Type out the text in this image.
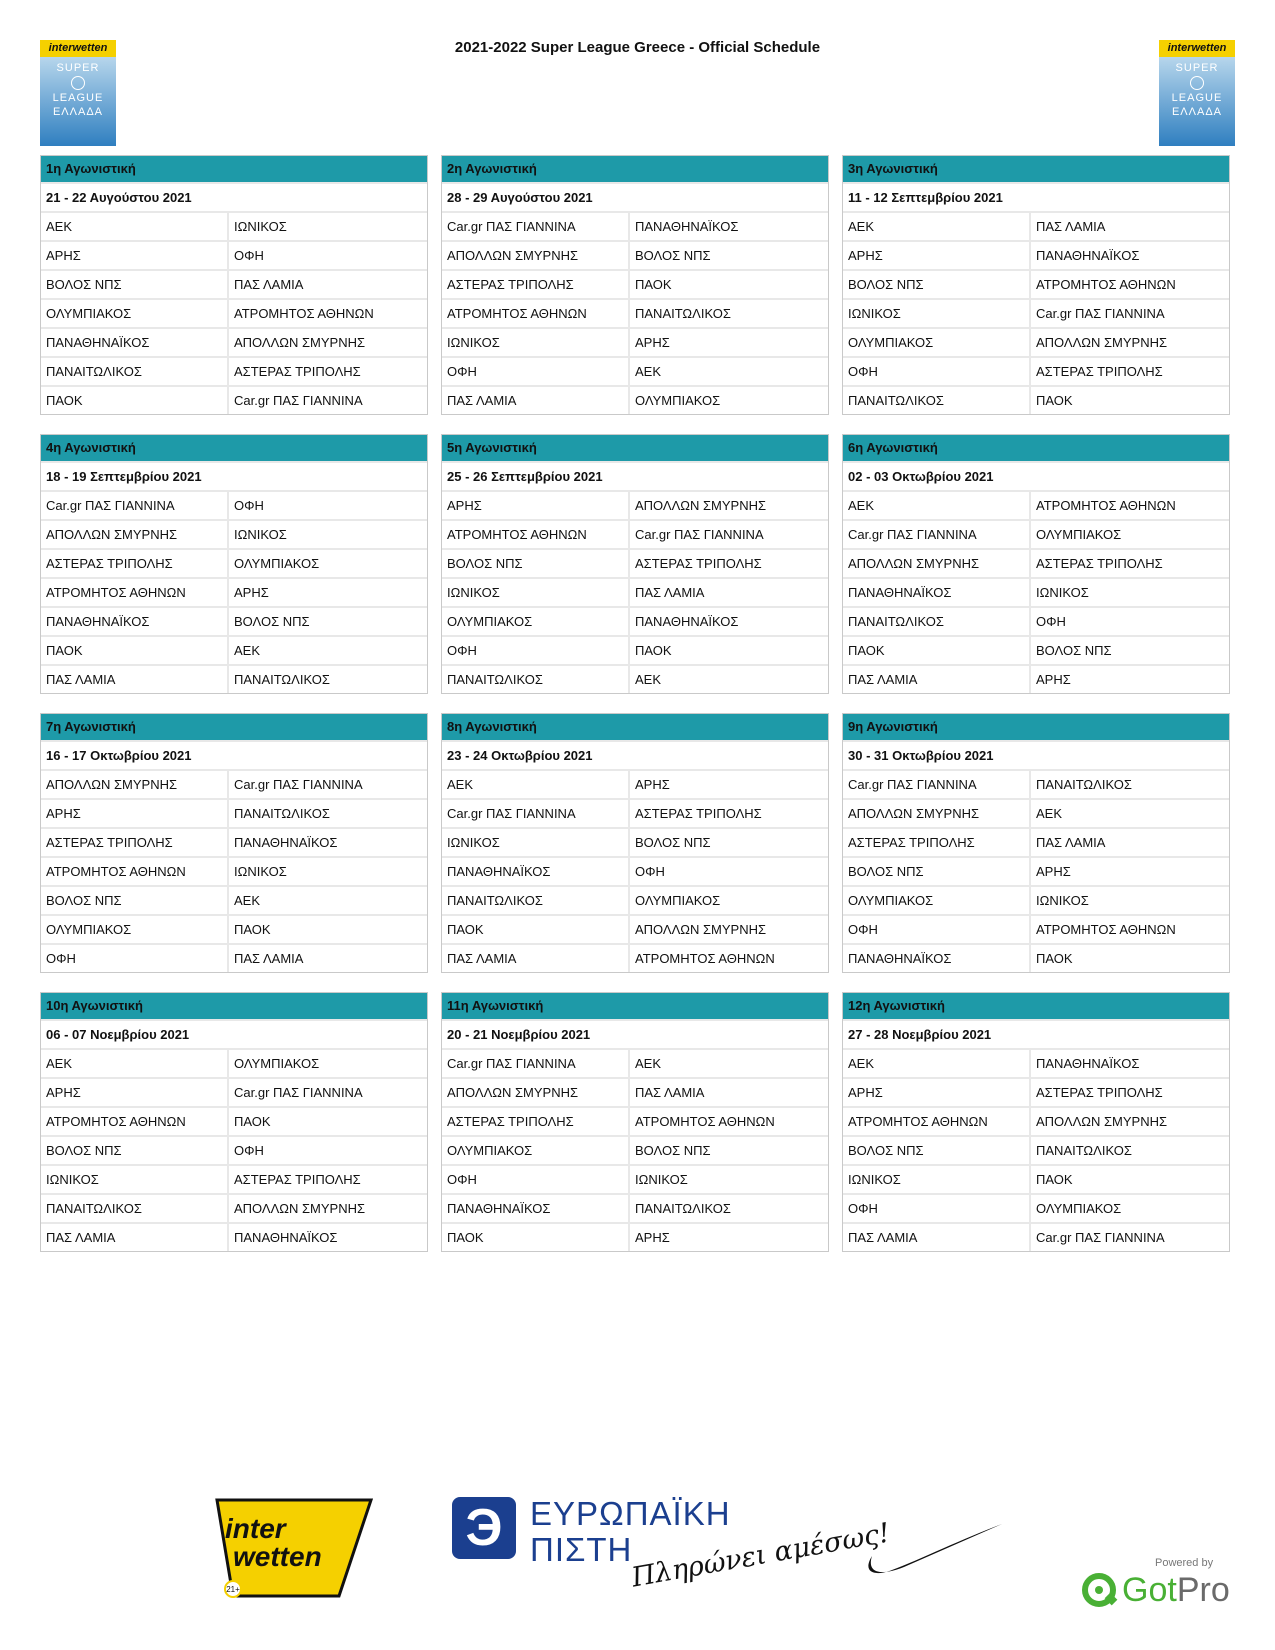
2021-2022 Super League Greece - Official Schedule
interwetten
SUPER
LEAGUE
ΕΛΛΑΔΑ
interwetten
SUPER
LEAGUE
ΕΛΛΑΔΑ
1η Αγωνιστική
21 - 22 Αυγούστου 2021
ΑΕΚ	ΙΩΝΙΚΟΣ
ΑΡΗΣ	ΟΦΗ
ΒΟΛΟΣ ΝΠΣ	ΠΑΣ ΛΑΜΙΑ
ΟΛΥΜΠΙΑΚΟΣ	ΑΤΡΟΜΗΤΟΣ ΑΘΗΝΩΝ
ΠΑΝΑΘΗΝΑΪΚΟΣ	ΑΠΟΛΛΩΝ ΣΜΥΡΝΗΣ
ΠΑΝΑΙΤΩΛΙΚΟΣ	ΑΣΤΕΡΑΣ ΤΡΙΠΟΛΗΣ
ΠΑΟΚ	Car.gr ΠΑΣ ΓΙΑΝΝΙΝΑ
2η Αγωνιστική
28 - 29 Αυγούστου 2021
Car.gr ΠΑΣ ΓΙΑΝΝΙΝΑ	ΠΑΝΑΘΗΝΑΪΚΟΣ
ΑΠΟΛΛΩΝ ΣΜΥΡΝΗΣ	ΒΟΛΟΣ ΝΠΣ
ΑΣΤΕΡΑΣ ΤΡΙΠΟΛΗΣ	ΠΑΟΚ
ΑΤΡΟΜΗΤΟΣ ΑΘΗΝΩΝ	ΠΑΝΑΙΤΩΛΙΚΟΣ
ΙΩΝΙΚΟΣ	ΑΡΗΣ
ΟΦΗ	ΑΕΚ
ΠΑΣ ΛΑΜΙΑ	ΟΛΥΜΠΙΑΚΟΣ
3η Αγωνιστική
11 - 12 Σεπτεμβρίου 2021
ΑΕΚ	ΠΑΣ ΛΑΜΙΑ
ΑΡΗΣ	ΠΑΝΑΘΗΝΑΪΚΟΣ
ΒΟΛΟΣ ΝΠΣ	ΑΤΡΟΜΗΤΟΣ ΑΘΗΝΩΝ
ΙΩΝΙΚΟΣ	Car.gr ΠΑΣ ΓΙΑΝΝΙΝΑ
ΟΛΥΜΠΙΑΚΟΣ	ΑΠΟΛΛΩΝ ΣΜΥΡΝΗΣ
ΟΦΗ	ΑΣΤΕΡΑΣ ΤΡΙΠΟΛΗΣ
ΠΑΝΑΙΤΩΛΙΚΟΣ	ΠΑΟΚ
4η Αγωνιστική
18 - 19 Σεπτεμβρίου 2021
Car.gr ΠΑΣ ΓΙΑΝΝΙΝΑ	ΟΦΗ
ΑΠΟΛΛΩΝ ΣΜΥΡΝΗΣ	ΙΩΝΙΚΟΣ
ΑΣΤΕΡΑΣ ΤΡΙΠΟΛΗΣ	ΟΛΥΜΠΙΑΚΟΣ
ΑΤΡΟΜΗΤΟΣ ΑΘΗΝΩΝ	ΑΡΗΣ
ΠΑΝΑΘΗΝΑΪΚΟΣ	ΒΟΛΟΣ ΝΠΣ
ΠΑΟΚ	ΑΕΚ
ΠΑΣ ΛΑΜΙΑ	ΠΑΝΑΙΤΩΛΙΚΟΣ
5η Αγωνιστική
25 - 26 Σεπτεμβρίου 2021
ΑΡΗΣ	ΑΠΟΛΛΩΝ ΣΜΥΡΝΗΣ
ΑΤΡΟΜΗΤΟΣ ΑΘΗΝΩΝ	Car.gr ΠΑΣ ΓΙΑΝΝΙΝΑ
ΒΟΛΟΣ ΝΠΣ	ΑΣΤΕΡΑΣ ΤΡΙΠΟΛΗΣ
ΙΩΝΙΚΟΣ	ΠΑΣ ΛΑΜΙΑ
ΟΛΥΜΠΙΑΚΟΣ	ΠΑΝΑΘΗΝΑΪΚΟΣ
ΟΦΗ	ΠΑΟΚ
ΠΑΝΑΙΤΩΛΙΚΟΣ	ΑΕΚ
6η Αγωνιστική
02 - 03 Οκτωβρίου 2021
ΑΕΚ	ΑΤΡΟΜΗΤΟΣ ΑΘΗΝΩΝ
Car.gr ΠΑΣ ΓΙΑΝΝΙΝΑ	ΟΛΥΜΠΙΑΚΟΣ
ΑΠΟΛΛΩΝ ΣΜΥΡΝΗΣ	ΑΣΤΕΡΑΣ ΤΡΙΠΟΛΗΣ
ΠΑΝΑΘΗΝΑΪΚΟΣ	ΙΩΝΙΚΟΣ
ΠΑΝΑΙΤΩΛΙΚΟΣ	ΟΦΗ
ΠΑΟΚ	ΒΟΛΟΣ ΝΠΣ
ΠΑΣ ΛΑΜΙΑ	ΑΡΗΣ
7η Αγωνιστική
16 - 17 Οκτωβρίου 2021
ΑΠΟΛΛΩΝ ΣΜΥΡΝΗΣ	Car.gr ΠΑΣ ΓΙΑΝΝΙΝΑ
ΑΡΗΣ	ΠΑΝΑΙΤΩΛΙΚΟΣ
ΑΣΤΕΡΑΣ ΤΡΙΠΟΛΗΣ	ΠΑΝΑΘΗΝΑΪΚΟΣ
ΑΤΡΟΜΗΤΟΣ ΑΘΗΝΩΝ	ΙΩΝΙΚΟΣ
ΒΟΛΟΣ ΝΠΣ	ΑΕΚ
ΟΛΥΜΠΙΑΚΟΣ	ΠΑΟΚ
ΟΦΗ	ΠΑΣ ΛΑΜΙΑ
8η Αγωνιστική
23 - 24 Οκτωβρίου 2021
ΑΕΚ	ΑΡΗΣ
Car.gr ΠΑΣ ΓΙΑΝΝΙΝΑ	ΑΣΤΕΡΑΣ ΤΡΙΠΟΛΗΣ
ΙΩΝΙΚΟΣ	ΒΟΛΟΣ ΝΠΣ
ΠΑΝΑΘΗΝΑΪΚΟΣ	ΟΦΗ
ΠΑΝΑΙΤΩΛΙΚΟΣ	ΟΛΥΜΠΙΑΚΟΣ
ΠΑΟΚ	ΑΠΟΛΛΩΝ ΣΜΥΡΝΗΣ
ΠΑΣ ΛΑΜΙΑ	ΑΤΡΟΜΗΤΟΣ ΑΘΗΝΩΝ
9η Αγωνιστική
30 - 31 Οκτωβρίου 2021
Car.gr ΠΑΣ ΓΙΑΝΝΙΝΑ	ΠΑΝΑΙΤΩΛΙΚΟΣ
ΑΠΟΛΛΩΝ ΣΜΥΡΝΗΣ	ΑΕΚ
ΑΣΤΕΡΑΣ ΤΡΙΠΟΛΗΣ	ΠΑΣ ΛΑΜΙΑ
ΒΟΛΟΣ ΝΠΣ	ΑΡΗΣ
ΟΛΥΜΠΙΑΚΟΣ	ΙΩΝΙΚΟΣ
ΟΦΗ	ΑΤΡΟΜΗΤΟΣ ΑΘΗΝΩΝ
ΠΑΝΑΘΗΝΑΪΚΟΣ	ΠΑΟΚ
10η Αγωνιστική
06 - 07 Νοεμβρίου 2021
ΑΕΚ	ΟΛΥΜΠΙΑΚΟΣ
ΑΡΗΣ	Car.gr ΠΑΣ ΓΙΑΝΝΙΝΑ
ΑΤΡΟΜΗΤΟΣ ΑΘΗΝΩΝ	ΠΑΟΚ
ΒΟΛΟΣ ΝΠΣ	ΟΦΗ
ΙΩΝΙΚΟΣ	ΑΣΤΕΡΑΣ ΤΡΙΠΟΛΗΣ
ΠΑΝΑΙΤΩΛΙΚΟΣ	ΑΠΟΛΛΩΝ ΣΜΥΡΝΗΣ
ΠΑΣ ΛΑΜΙΑ	ΠΑΝΑΘΗΝΑΪΚΟΣ
11η Αγωνιστική
20 - 21 Νοεμβρίου 2021
Car.gr ΠΑΣ ΓΙΑΝΝΙΝΑ	ΑΕΚ
ΑΠΟΛΛΩΝ ΣΜΥΡΝΗΣ	ΠΑΣ ΛΑΜΙΑ
ΑΣΤΕΡΑΣ ΤΡΙΠΟΛΗΣ	ΑΤΡΟΜΗΤΟΣ ΑΘΗΝΩΝ
ΟΛΥΜΠΙΑΚΟΣ	ΒΟΛΟΣ ΝΠΣ
ΟΦΗ	ΙΩΝΙΚΟΣ
ΠΑΝΑΘΗΝΑΪΚΟΣ	ΠΑΝΑΙΤΩΛΙΚΟΣ
ΠΑΟΚ	ΑΡΗΣ
12η Αγωνιστική
27 - 28 Νοεμβρίου 2021
ΑΕΚ	ΠΑΝΑΘΗΝΑΪΚΟΣ
ΑΡΗΣ	ΑΣΤΕΡΑΣ ΤΡΙΠΟΛΗΣ
ΑΤΡΟΜΗΤΟΣ ΑΘΗΝΩΝ	ΑΠΟΛΛΩΝ ΣΜΥΡΝΗΣ
ΒΟΛΟΣ ΝΠΣ	ΠΑΝΑΙΤΩΛΙΚΟΣ
ΙΩΝΙΚΟΣ	ΠΑΟΚ
ΟΦΗ	ΟΛΥΜΠΙΑΚΟΣ
ΠΑΣ ΛΑΜΙΑ	Car.gr ΠΑΣ ΓΙΑΝΝΙΝΑ
inter
wetten
21+
Э ΕΥΡΩΠΑΪΚΗ
ΠΙΣΤΗ
Πληρώνει αμέσως!	Powered by
GotPro
